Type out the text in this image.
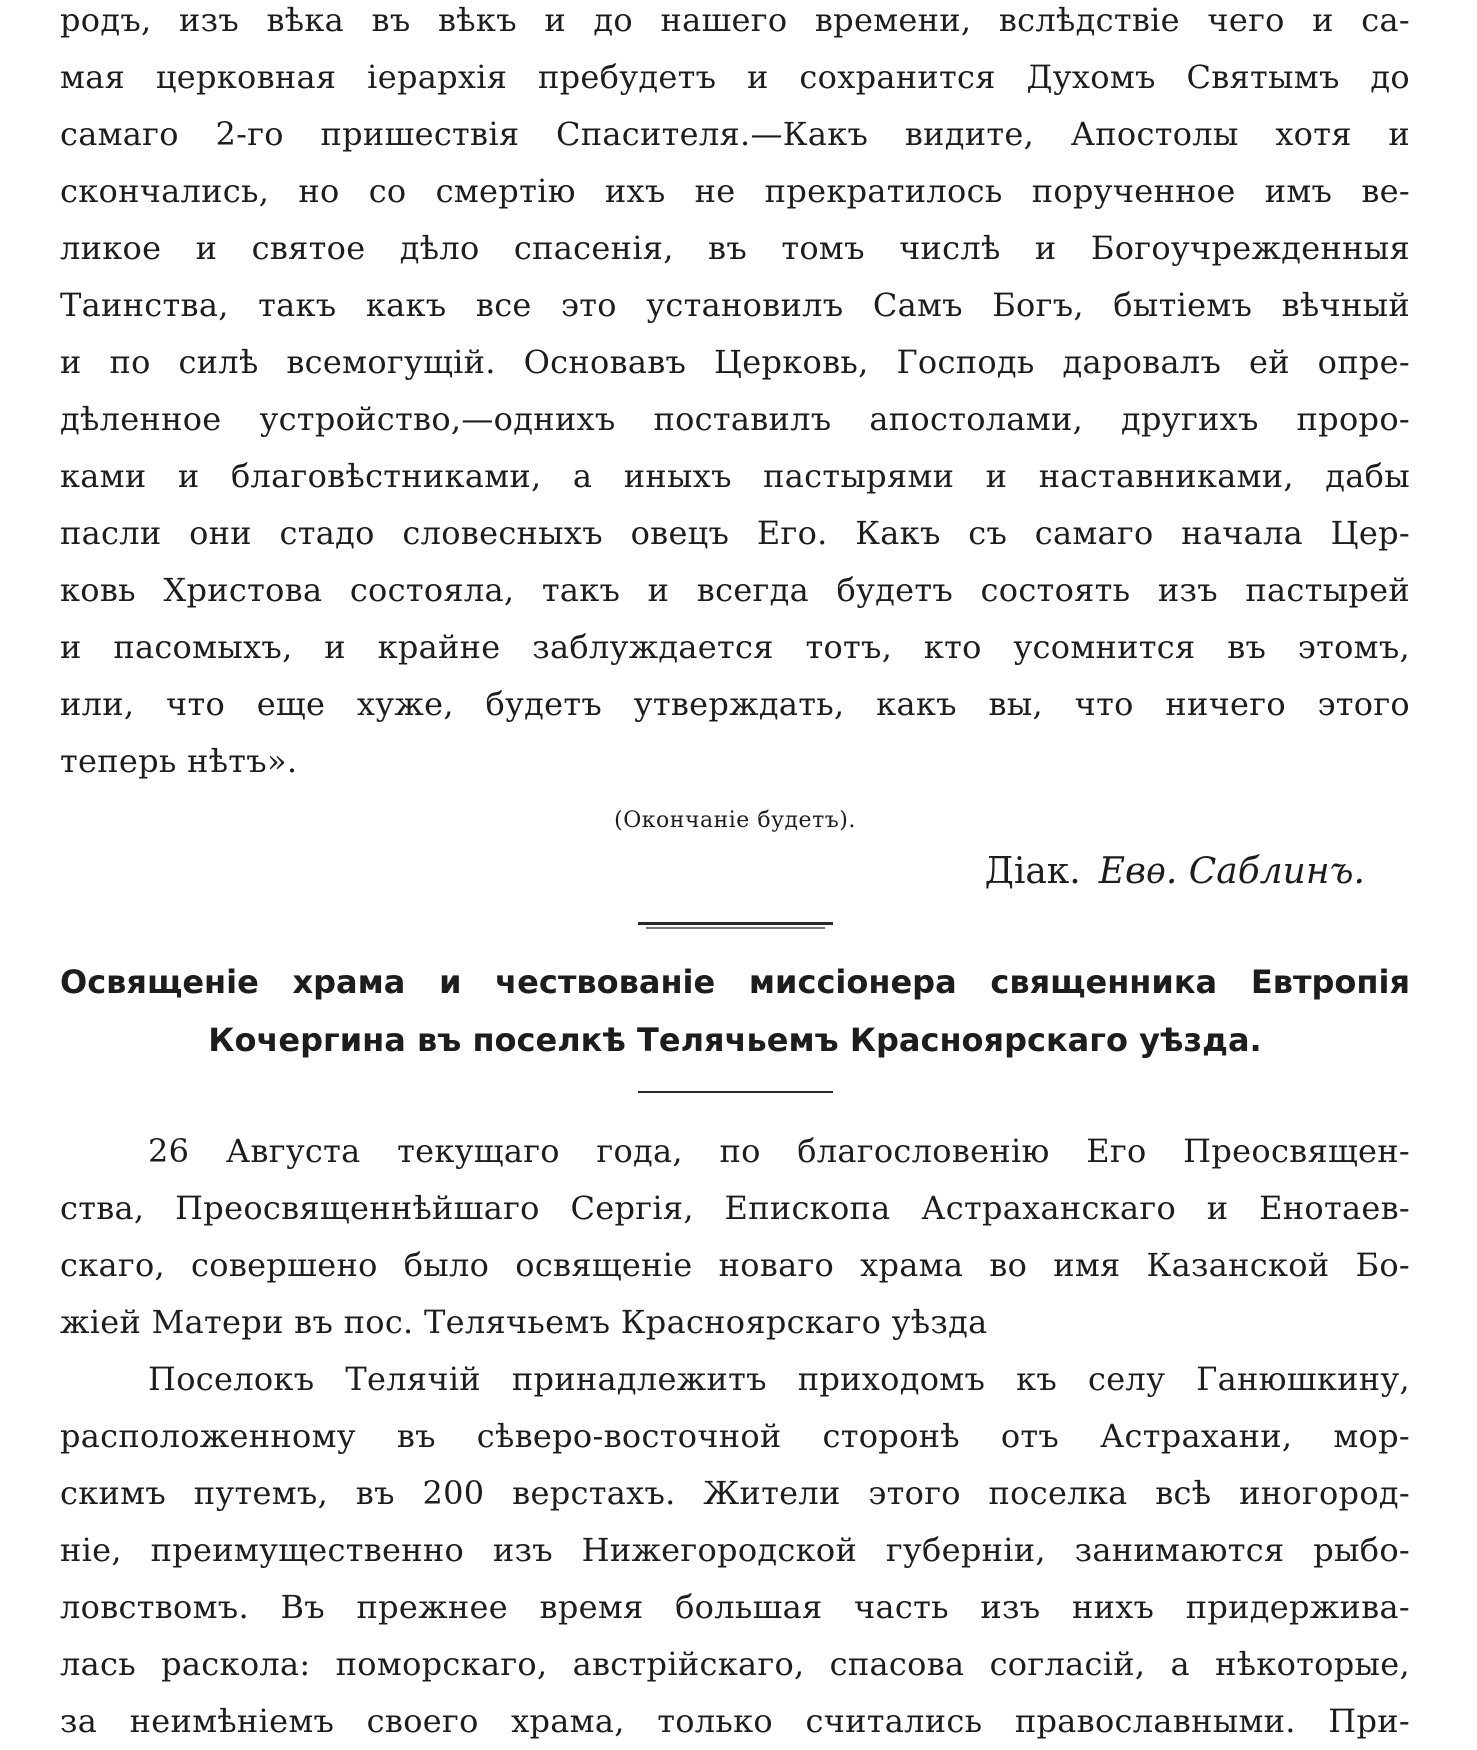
родъ, изъ вѣка въ вѣкъ и до нашего времени, вслѣдствіе чего и са-
мая церковная іерархія пребудетъ и сохранится Духомъ Святымъ до
самаго 2-го пришествія Спасителя.—Какъ видите, Апостолы хотя и
скончались, но со смертію ихъ не прекратилось порученное имъ ве-
ликое и святое дѣло спасенія, въ томъ числѣ и Богоучрежденныя
Таинства, такъ какъ все это установилъ Самъ Богъ, бытіемъ вѣчный
и по силѣ всемогущій. Основавъ Церковь, Господь даровалъ ей опре-
дѣленное устройство,—однихъ поставилъ апостолами, другихъ проро-
ками и благовѣстниками, а иныхъ пастырями и наставниками, дабы
пасли они стадо словесныхъ овецъ Его. Какъ съ самаго начала Цер-
ковь Христова состояла, такъ и всегда будетъ состоять изъ пастырей
и пасомыхъ, и крайне заблуждается тотъ, кто усомнится въ этомъ,
или, что еще хуже, будетъ утверждать, какъ вы, что ничего этого
теперь нѣтъ».
(Окончаніе будетъ).
Діак. Евѳ. Саблинъ.
Освященіе храма и чествованіе миссіонера священника Евтропія
Кочергина въ поселкѣ Телячьемъ Красноярскаго уѣзда.
26 Августа текущаго года, по благословенію Его Преосвящен-
ства, Преосвященнѣйшаго Сергія, Епископа Астраханскаго и Енотаев-
скаго, совершено было освященіе новаго храма во имя Казанской Бо-
жіей Матери въ пос. Телячьемъ Красноярскаго уѣзда
Поселокъ Телячій принадлежитъ приходомъ къ селу Ганюшкину,
расположенному въ сѣверо-восточной сторонѣ отъ Астрахани, мор-
скимъ путемъ, въ 200 верстахъ. Жители этого поселка всѣ иногород-
ніе, преимущественно изъ Нижегородской губерніи, занимаются рыбо-
ловствомъ. Въ прежнее время большая часть изъ нихъ придержива-
лась раскола: поморскаго, австрійскаго, спасова согласій, а нѣкоторые,
за неимѣніемъ своего храма, только считались православными. При-
